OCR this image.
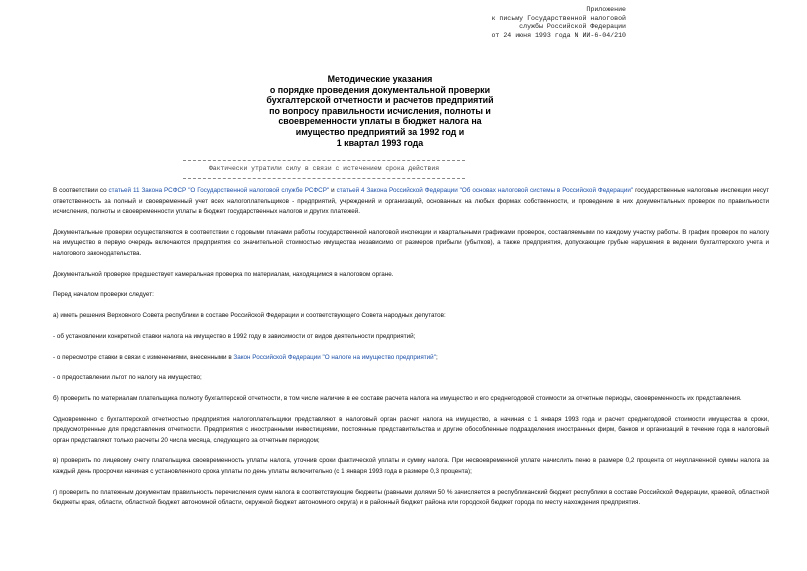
Приложение
к письму Государственной налоговой
службы Российской Федерации
от 24 июня 1993 года N ИИ-6-04/210
Методические указания
о порядке проведения документальной проверки
бухгалтерской отчетности и расчетов предприятий
по вопросу правильности исчисления, полноты и
своевременности уплаты в бюджет налога на
имущество предприятий за 1992 год и
1 квартал 1993 года
Фактически утратили силу в связи с истечением срока действия

В соответствии со статьей 11 Закона РСФСР "О Государственной налоговой службе РСФСР" и статьей 4 Закона Российской Федерации "Об основах налоговой системы в Российской Федерации" государственные налоговые инспекции несут ответственность за полный и своевременный учет всех налогоплательщиков - предприятий, учреждений и организаций, основанных на любых формах собственности, и проведение в них документальных проверок по правильности исчисления, полноты и своевременности уплаты в бюджет государственных налогов и других платежей.

Документальные проверки осуществляются в соответствии с годовыми планами работы государственной налоговой инспекции и квартальными графиками проверок, составляемыми по каждому участку работы. В график проверок по налогу на имущество в первую очередь включаются предприятия со значительной стоимостью имущества независимо от размеров прибыли (убытков), а также предприятия, допускающие грубые нарушения в ведении бухгалтерского учета и налогового законодательства.

Документальной проверке предшествует камеральная проверка по материалам, находящимся в налоговом органе.

Перед началом проверки следует:

а) иметь решения Верховного Совета республики в составе Российской Федерации и соответствующего Совета народных депутатов:

- об установлении конкретной ставки налога на имущество в 1992 году в зависимости от видов деятельности предприятий;

- о пересмотре ставки в связи с изменениями, внесенными в Закон Российской Федерации "О налоге на имущество предприятий";

- о предоставлении льгот по налогу на имущество;

б) проверить по материалам плательщика полноту бухгалтерской отчетности, в том числе наличие в ее составе расчета налога на имущество и его среднегодовой стоимости за отчетные периоды, своевременность их представления.

Одновременно с бухгалтерской отчетностью предприятия налогоплательщики представляют в налоговый орган расчет налога на имущество, а начиная с 1 января 1993 года и расчет среднегодовой стоимости имущества в сроки, предусмотренные для представления отчетности. Предприятия с иностранными инвестициями, постоянные представительства и другие обособленные подразделения иностранных фирм, банков и организаций в течение года в налоговый орган представляют только расчеты 20 числа месяца, следующего за отчетным периодом;

в) проверить по лицевому счету плательщика своевременность уплаты налога, уточнив сроки фактической уплаты и сумму налога. При несвоевременной уплате начислить пеню в размере 0,2 процента от неуплаченной суммы налога за каждый день просрочки начиная с установленного срока уплаты по день уплаты включительно (с 1 января 1993 года в размере 0,3 процента);

г) проверить по платежным документам правильность перечисления сумм налога в соответствующие бюджеты (равными долями 50 % зачисляется в республиканский бюджет республики в составе Российской Федерации, краевой, областной бюджеты края, области, областной бюджет автономной области, окружной бюджет автономного округа) и в районный бюджет района или городской бюджет города по месту нахождения предприятия.
